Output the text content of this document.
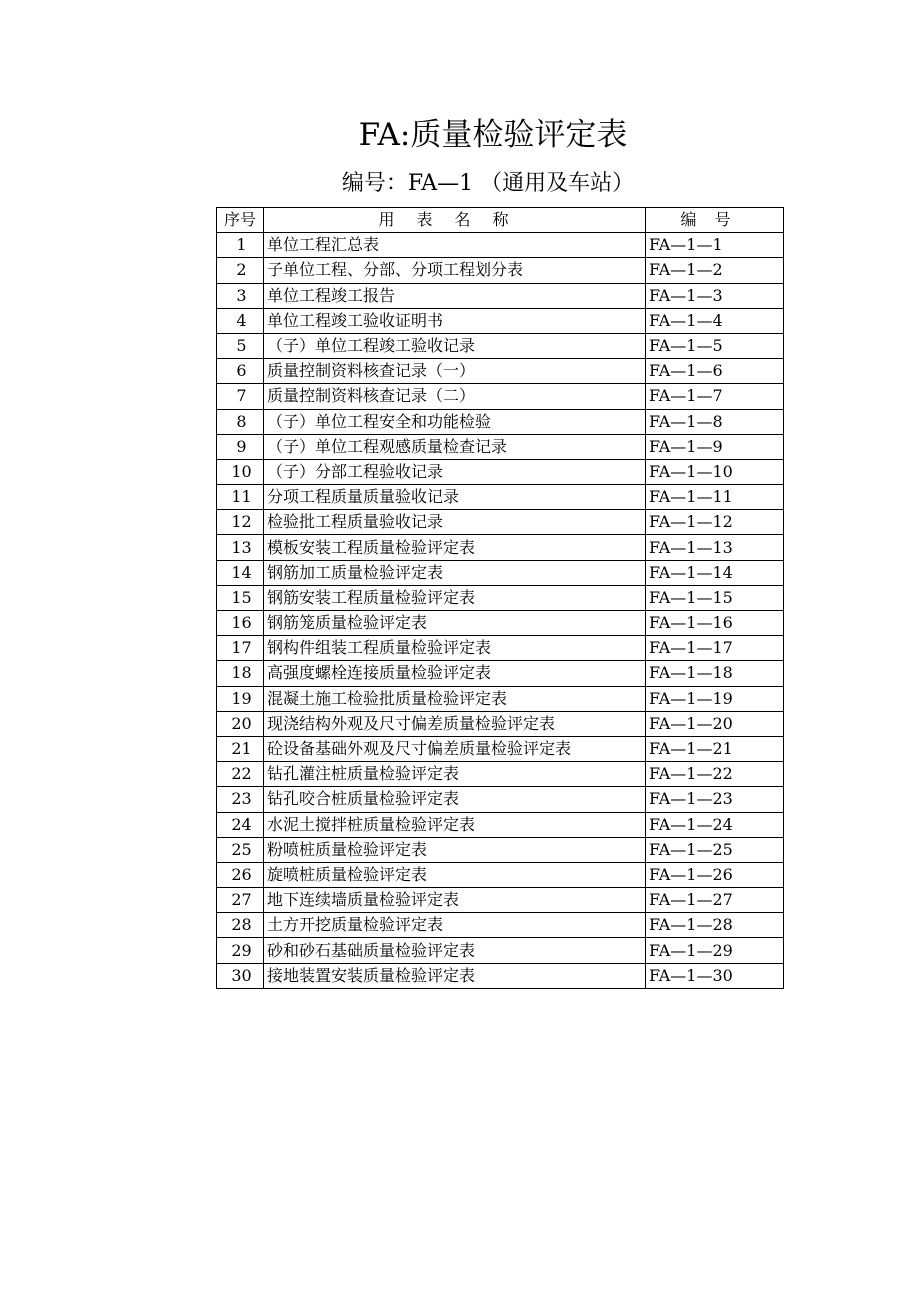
FA:质量检验评定表
编号：FA—1 （通用及车站）
序号	用表名称	编号
1	单位工程汇总表	FA—1—1
2	子单位工程、分部、分项工程划分表	FA—1—2
3	单位工程竣工报告	FA—1—3
4	单位工程竣工验收证明书	FA—1—4
5	（子）单位工程竣工验收记录	FA—1—5
6	质量控制资料核查记录（一）	FA—1—6
7	质量控制资料核查记录（二）	FA—1—7
8	（子）单位工程安全和功能检验	FA—1—8
9	（子）单位工程观感质量检查记录	FA—1—9
10	（子）分部工程验收记录	FA—1—10
11	分项工程质量质量验收记录	FA—1—11
12	检验批工程质量验收记录	FA—1—12
13	模板安装工程质量检验评定表	FA—1—13
14	钢筋加工质量检验评定表	FA—1—14
15	钢筋安装工程质量检验评定表	FA—1—15
16	钢筋笼质量检验评定表	FA—1—16
17	钢构件组装工程质量检验评定表	FA—1—17
18	高强度螺栓连接质量检验评定表	FA—1—18
19	混凝土施工检验批质量检验评定表	FA—1—19
20	现浇结构外观及尺寸偏差质量检验评定表	FA—1—20
21	砼设备基础外观及尺寸偏差质量检验评定表	FA—1—21
22	钻孔灌注桩质量检验评定表	FA—1—22
23	钻孔咬合桩质量检验评定表	FA—1—23
24	水泥土搅拌桩质量检验评定表	FA—1—24
25	粉喷桩质量检验评定表	FA—1—25
26	旋喷桩质量检验评定表	FA—1—26
27	地下连续墙质量检验评定表	FA—1—27
28	土方开挖质量检验评定表	FA—1—28
29	砂和砂石基础质量检验评定表	FA—1—29
30	接地装置安装质量检验评定表	FA—1—30
